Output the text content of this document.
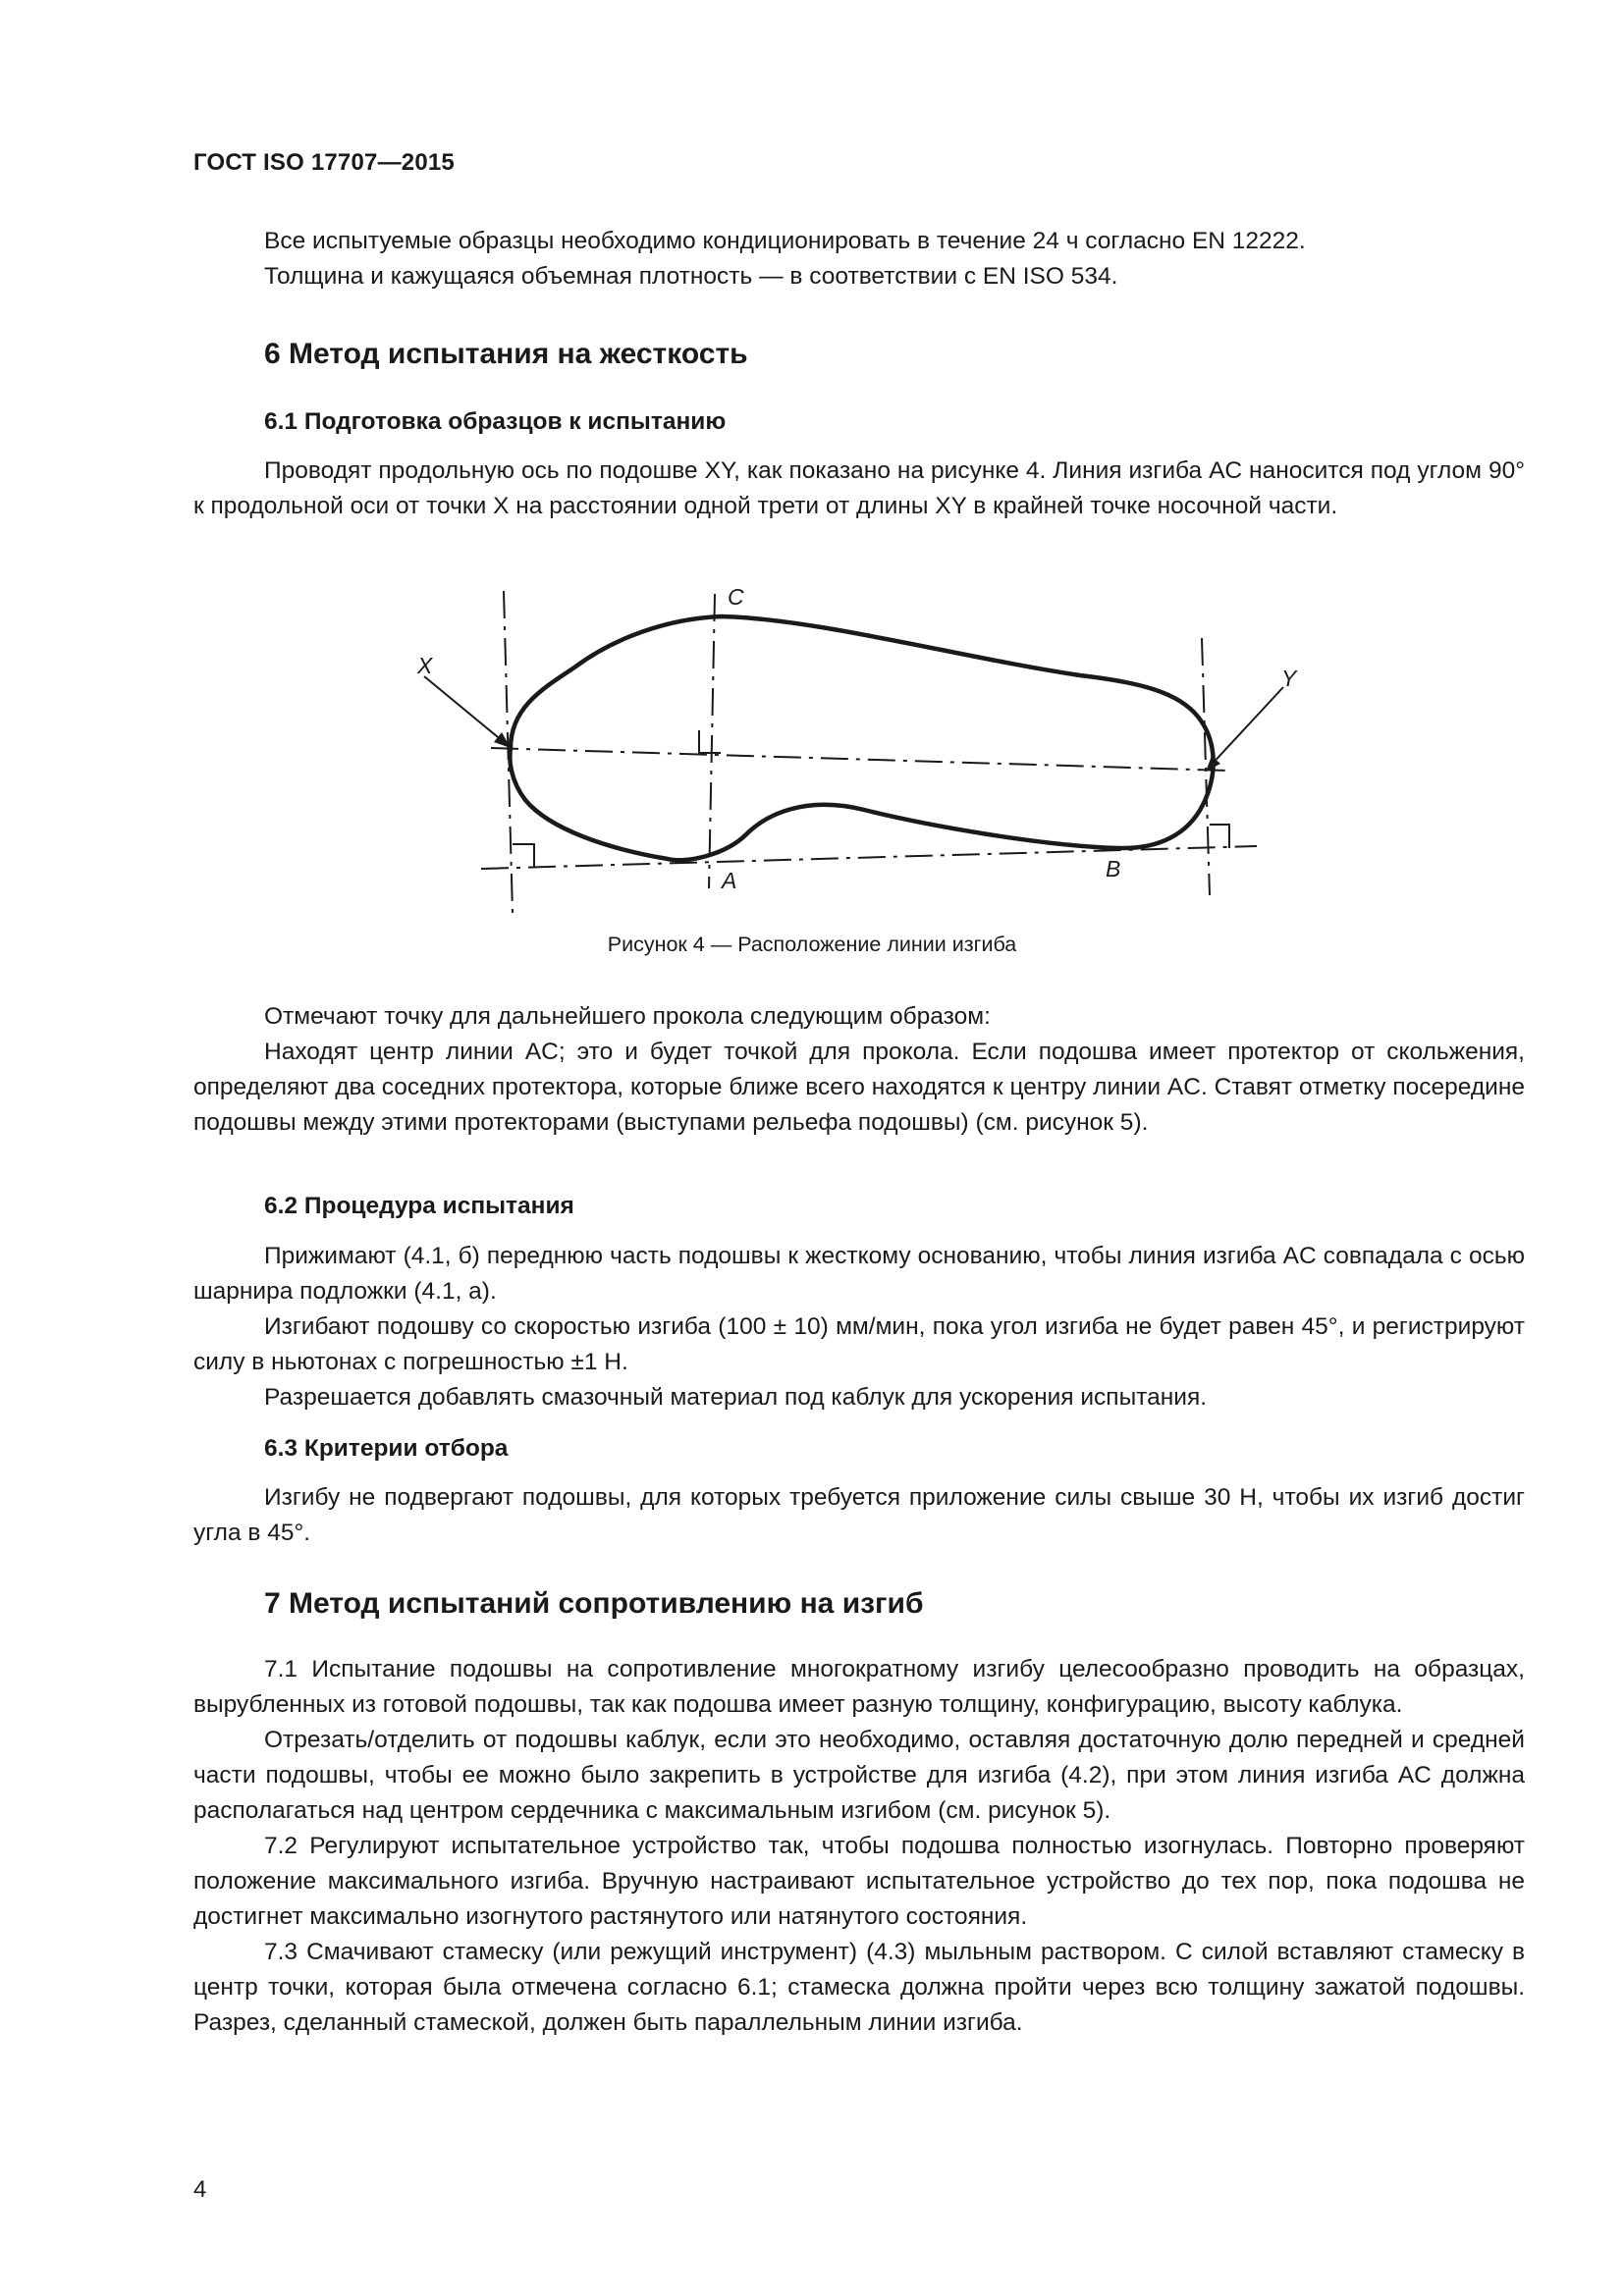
ГОСТ ISO 17707—2015

Все испытуемые образцы необходимо кондиционировать в течение 24 ч согласно EN 12222.

Толщина и кажущаяся объемная плотность — в соответствии с EN ISO 534.

6 Метод испытания на жесткость
6.1 Подготовка образцов к испытанию

Проводят продольную ось по подошве XY, как показано на рисунке 4. Линия изгиба AC наносится под углом 90° к продольной оси от точки X на расстоянии одной трети от длины XY в крайней точке носочной части.

C
X	Y
A	B
Рисунок 4 — Расположение линии изгиба

Отмечают точку для дальнейшего прокола следующим образом:

Находят центр линии AC; это и будет точкой для прокола. Если подошва имеет протектор от скольжения, определяют два соседних протектора, которые ближе всего находятся к центру линии AC. Ставят отметку посередине подошвы между этими протекторами (выступами рельефа подошвы) (см. рисунок 5).

6.2 Процедура испытания

Прижимают (4.1, б) переднюю часть подошвы к жесткому основанию, чтобы линия изгиба AC совпадала с осью шарнира подложки (4.1, а).

Изгибают подошву со скоростью изгиба (100 ± 10) мм/мин, пока угол изгиба не будет равен 45°, и регистрируют силу в ньютонах с погрешностью ±1 Н.

Разрешается добавлять смазочный материал под каблук для ускорения испытания.

6.3 Критерии отбора

Изгибу не подвергают подошвы, для которых требуется приложение силы свыше 30 Н, чтобы их изгиб достиг угла в 45°.

7 Метод испытаний сопротивлению на изгиб

7.1 Испытание подошвы на сопротивление многократному изгибу целесообразно проводить на образцах, вырубленных из готовой подошвы, так как подошва имеет разную толщину, конфигурацию, высоту каблука.

Отрезать/отделить от подошвы каблук, если это необходимо, оставляя достаточную долю передней и средней части подошвы, чтобы ее можно было закрепить в устройстве для изгиба (4.2), при этом линия изгиба AC должна располагаться над центром сердечника с максимальным изгибом (см. рисунок 5).

7.2 Регулируют испытательное устройство так, чтобы подошва полностью изогнулась. Повторно проверяют положение максимального изгиба. Вручную настраивают испытательное устройство до тех пор, пока подошва не достигнет максимально изогнутого растянутого или натянутого состояния.

7.3 Смачивают стамеску (или режущий инструмент) (4.3) мыльным раствором. С силой вставляют стамеску в центр точки, которая была отмечена согласно 6.1; стамеска должна пройти через всю толщину зажатой подошвы. Разрез, сделанный стамеской, должен быть параллельным линии изгиба.

4
